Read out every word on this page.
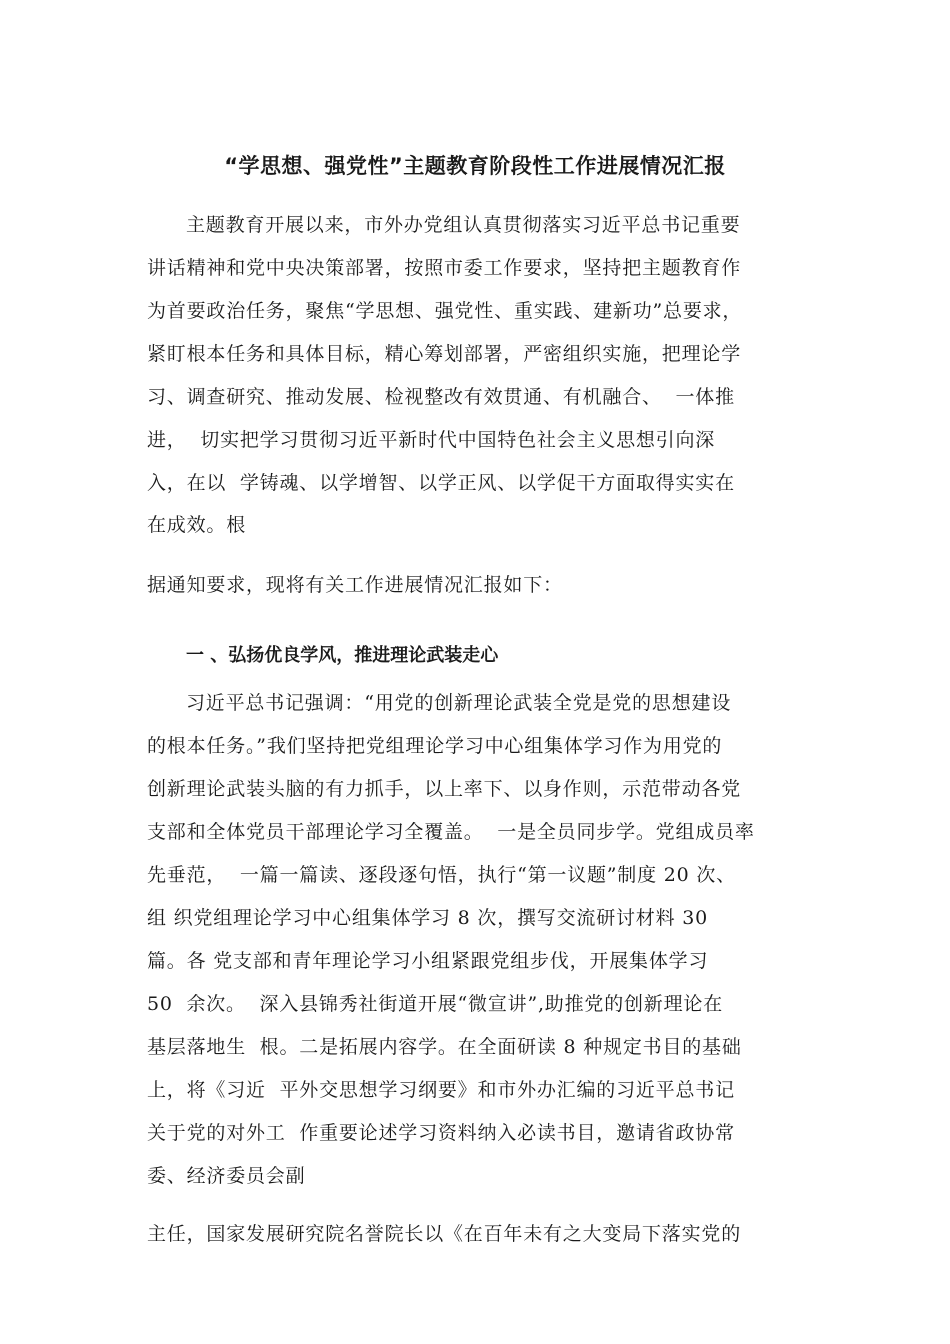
“学思想、强党性”主题教育阶段性工作进展情况汇报
主题教育开展以来，市外办党组认真贯彻落实习近平总书记重要
讲话精神和党中央决策部署，按照市委工作要求，坚持把主题教育作
为首要政治任务，聚焦“学思想、强党性、重实践、建新功”总要求，
紧盯根本任务和具体目标，精心筹划部署，严密组织实施，把理论学
习、调查研究、推动发展、检视整改有效贯通、有机融合、  一体推
进，  切实把学习贯彻习近平新时代中国特色社会主义思想引向深
入，在以  学铸魂、以学增智、以学正风、以学促干方面取得实实在
在成效。根
据通知要求，现将有关工作进展情况汇报如下：
一 、弘扬优良学风，推进理论武装走心
习近平总书记强调：“用党的创新理论武装全党是党的思想建设
的根本任务。”我们坚持把党组理论学习中心组集体学习作为用党的
创新理论武装头脑的有力抓手，以上率下、以身作则，示范带动各党
支部和全体党员干部理论学习全覆盖。  一是全员同步学。党组成员率
先垂范，  一篇一篇读、逐段逐句悟，执行“第一议题”制度 20 次、
组 织党组理论学习中心组集体学习 8 次，撰写交流研讨材料 30
篇。各 党支部和青年理论学习小组紧跟党组步伐，开展集体学习
50  余次。  深入县锦秀社街道开展“微宣讲”,助推党的创新理论在
基层落地生  根。二是拓展内容学。在全面研读 8 种规定书目的基础
上，将《习近  平外交思想学习纲要》和市外办汇编的习近平总书记
关于党的对外工  作重要论述学习资料纳入必读书目，邀请省政协常
委、经济委员会副
主任，国家发展研究院名誉院长以《在百年未有之大变局下落实党的
